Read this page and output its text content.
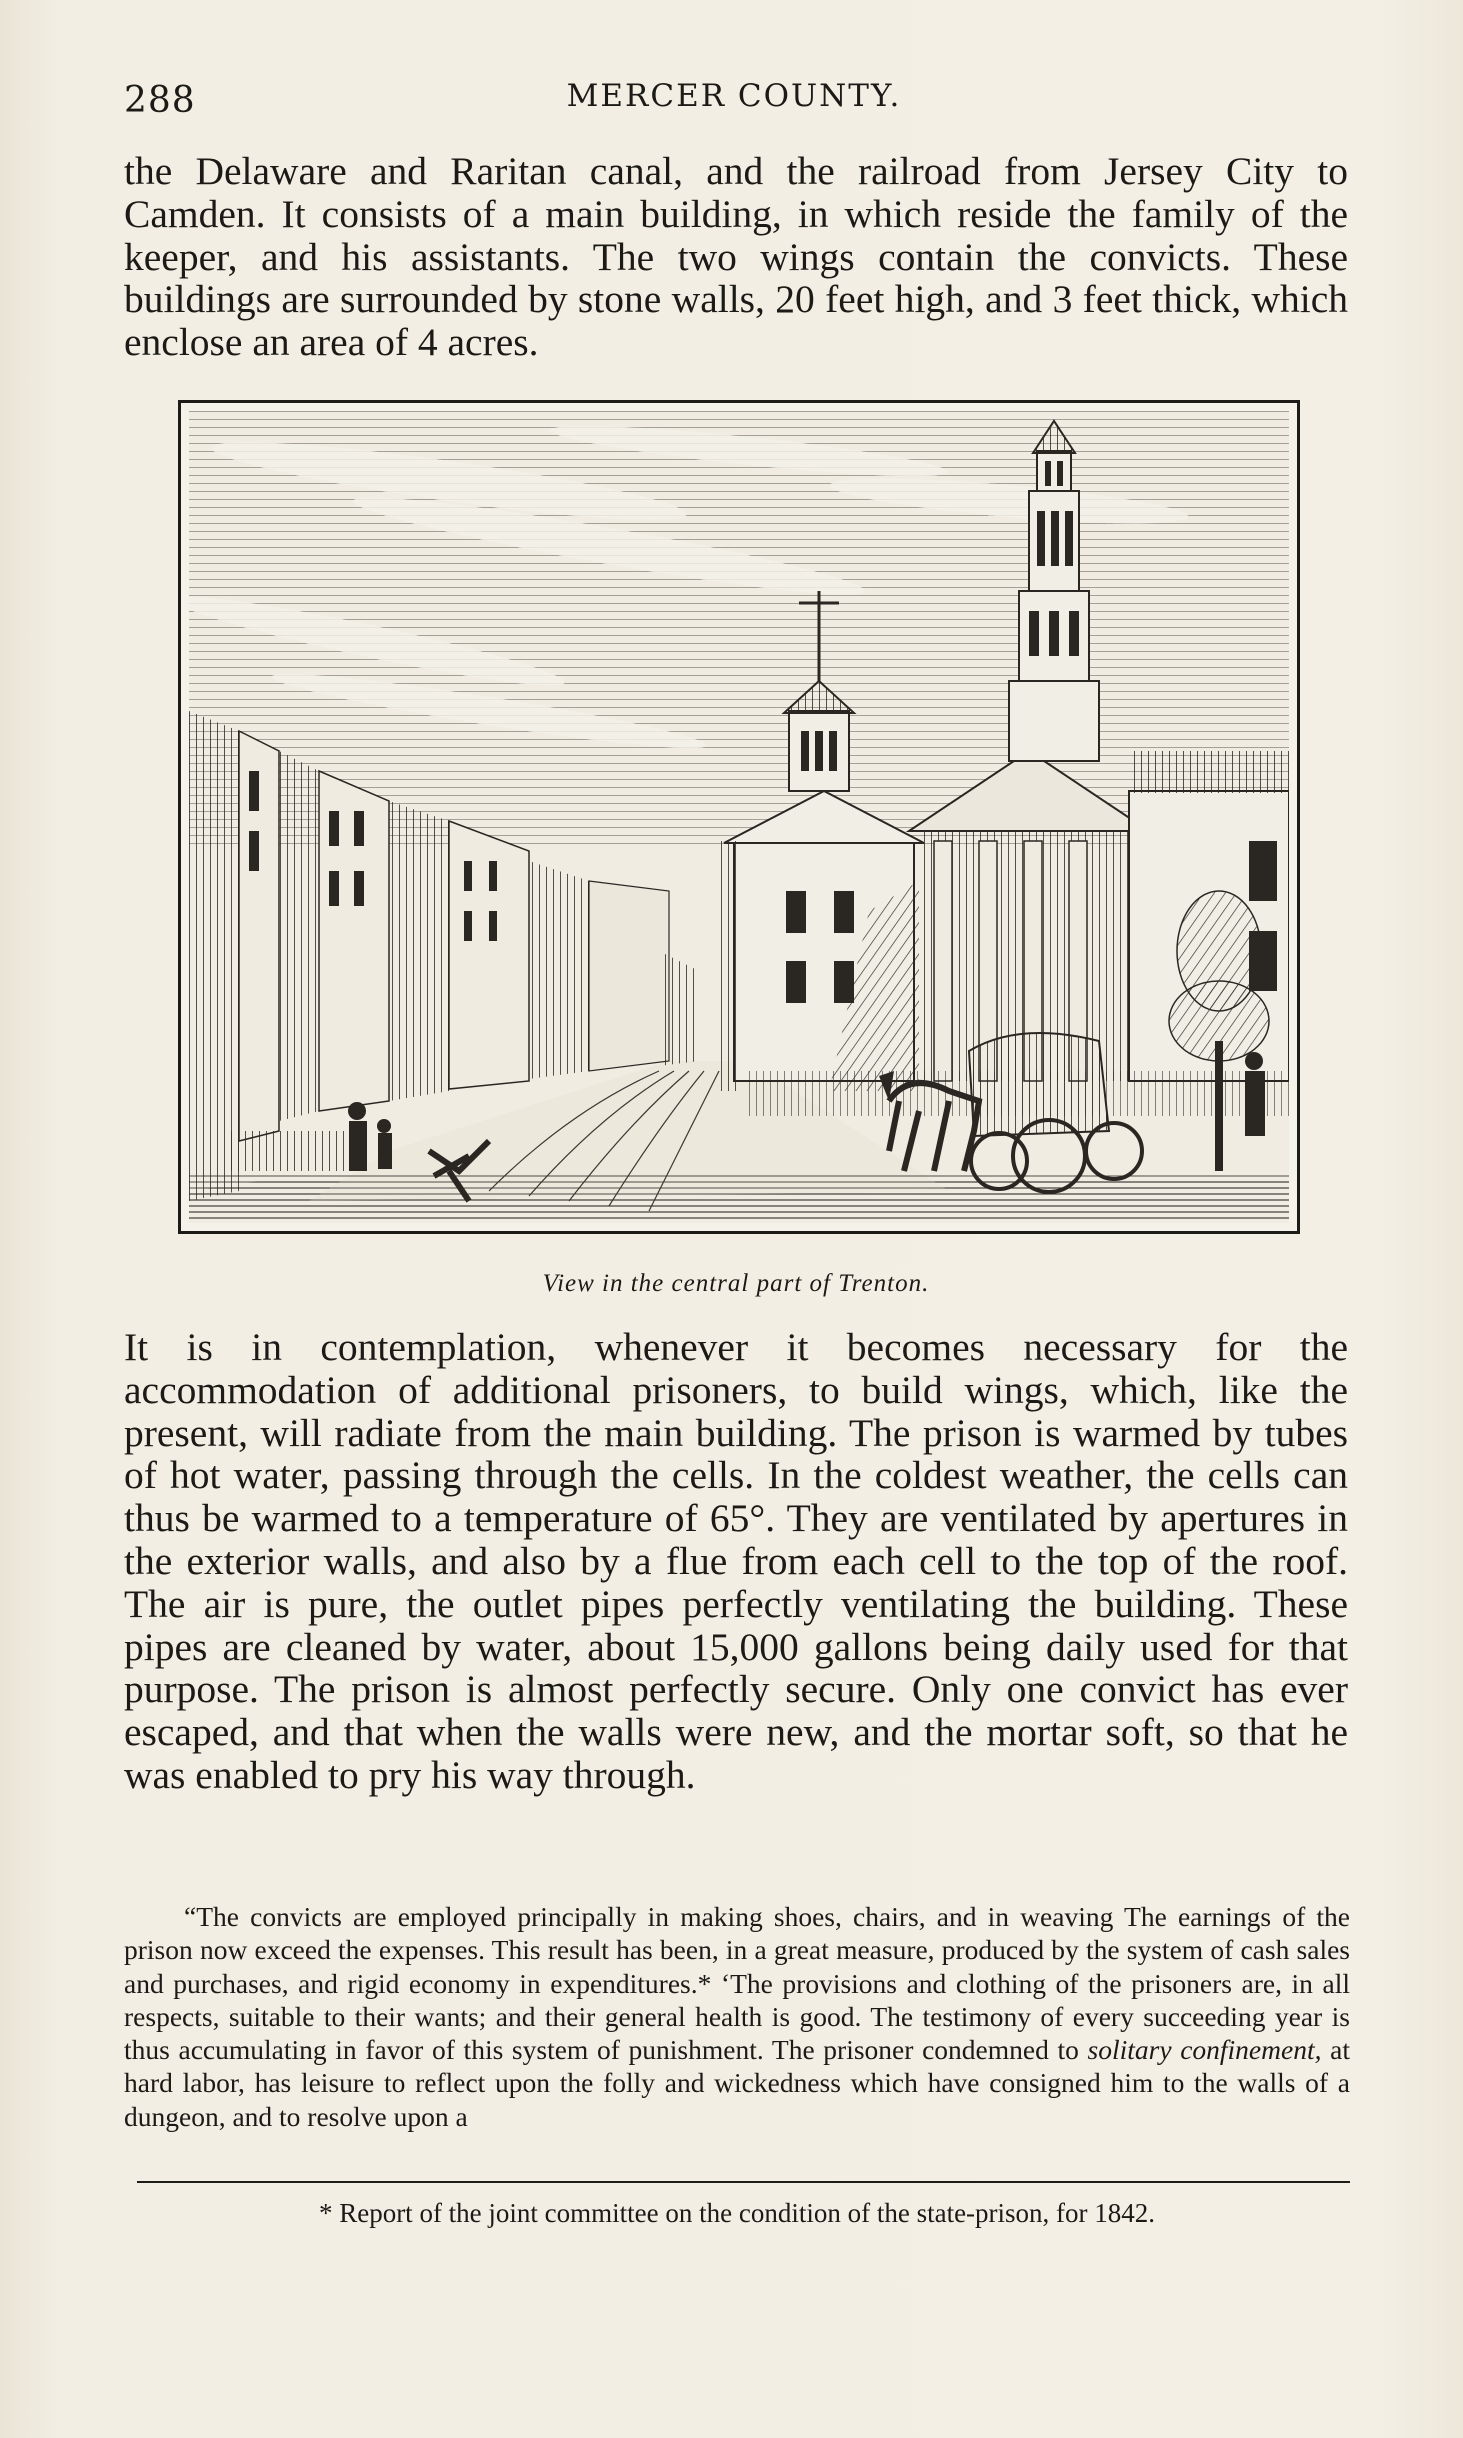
288	MERCER COUNTY.

the Delaware and Raritan canal, and the railroad from Jersey City to Camden. It consists of a main building, in which reside the family of the keeper, and his assistants. The two wings contain the convicts. These buildings are surrounded by stone walls, 20 feet high, and 3 feet thick, which enclose an area of 4 acres.

View in the central part of Trenton.

It is in contemplation, whenever it becomes necessary for the accommodation of additional prisoners, to build wings, which, like the present, will radiate from the main building. The prison is warmed by tubes of hot water, passing through the cells. In the coldest weather, the cells can thus be warmed to a temperature of 65°. They are ventilated by apertures in the exterior walls, and also by a flue from each cell to the top of the roof. The air is pure, the outlet pipes perfectly ventilating the building. These pipes are cleaned by water, about 15,000 gallons being daily used for that purpose. The prison is almost perfectly secure. Only one convict has ever escaped, and that when the walls were new, and the mortar soft, so that he was enabled to pry his way through.

“The convicts are employed principally in making shoes, chairs, and in weaving The earnings of the prison now exceed the expenses. This result has been, in a great measure, produced by the system of cash sales and purchases, and rigid economy in expenditures.* ‘The provisions and clothing of the prisoners are, in all respects, suitable to their wants; and their general health is good. The testimony of every succeeding year is thus accumulating in favor of this system of punishment. The prisoner condemned to solitary confinement, at hard labor, has leisure to reflect upon the folly and wickedness which have consigned him to the walls of a dungeon, and to resolve upon a

* Report of the joint committee on the condition of the state-prison, for 1842.
